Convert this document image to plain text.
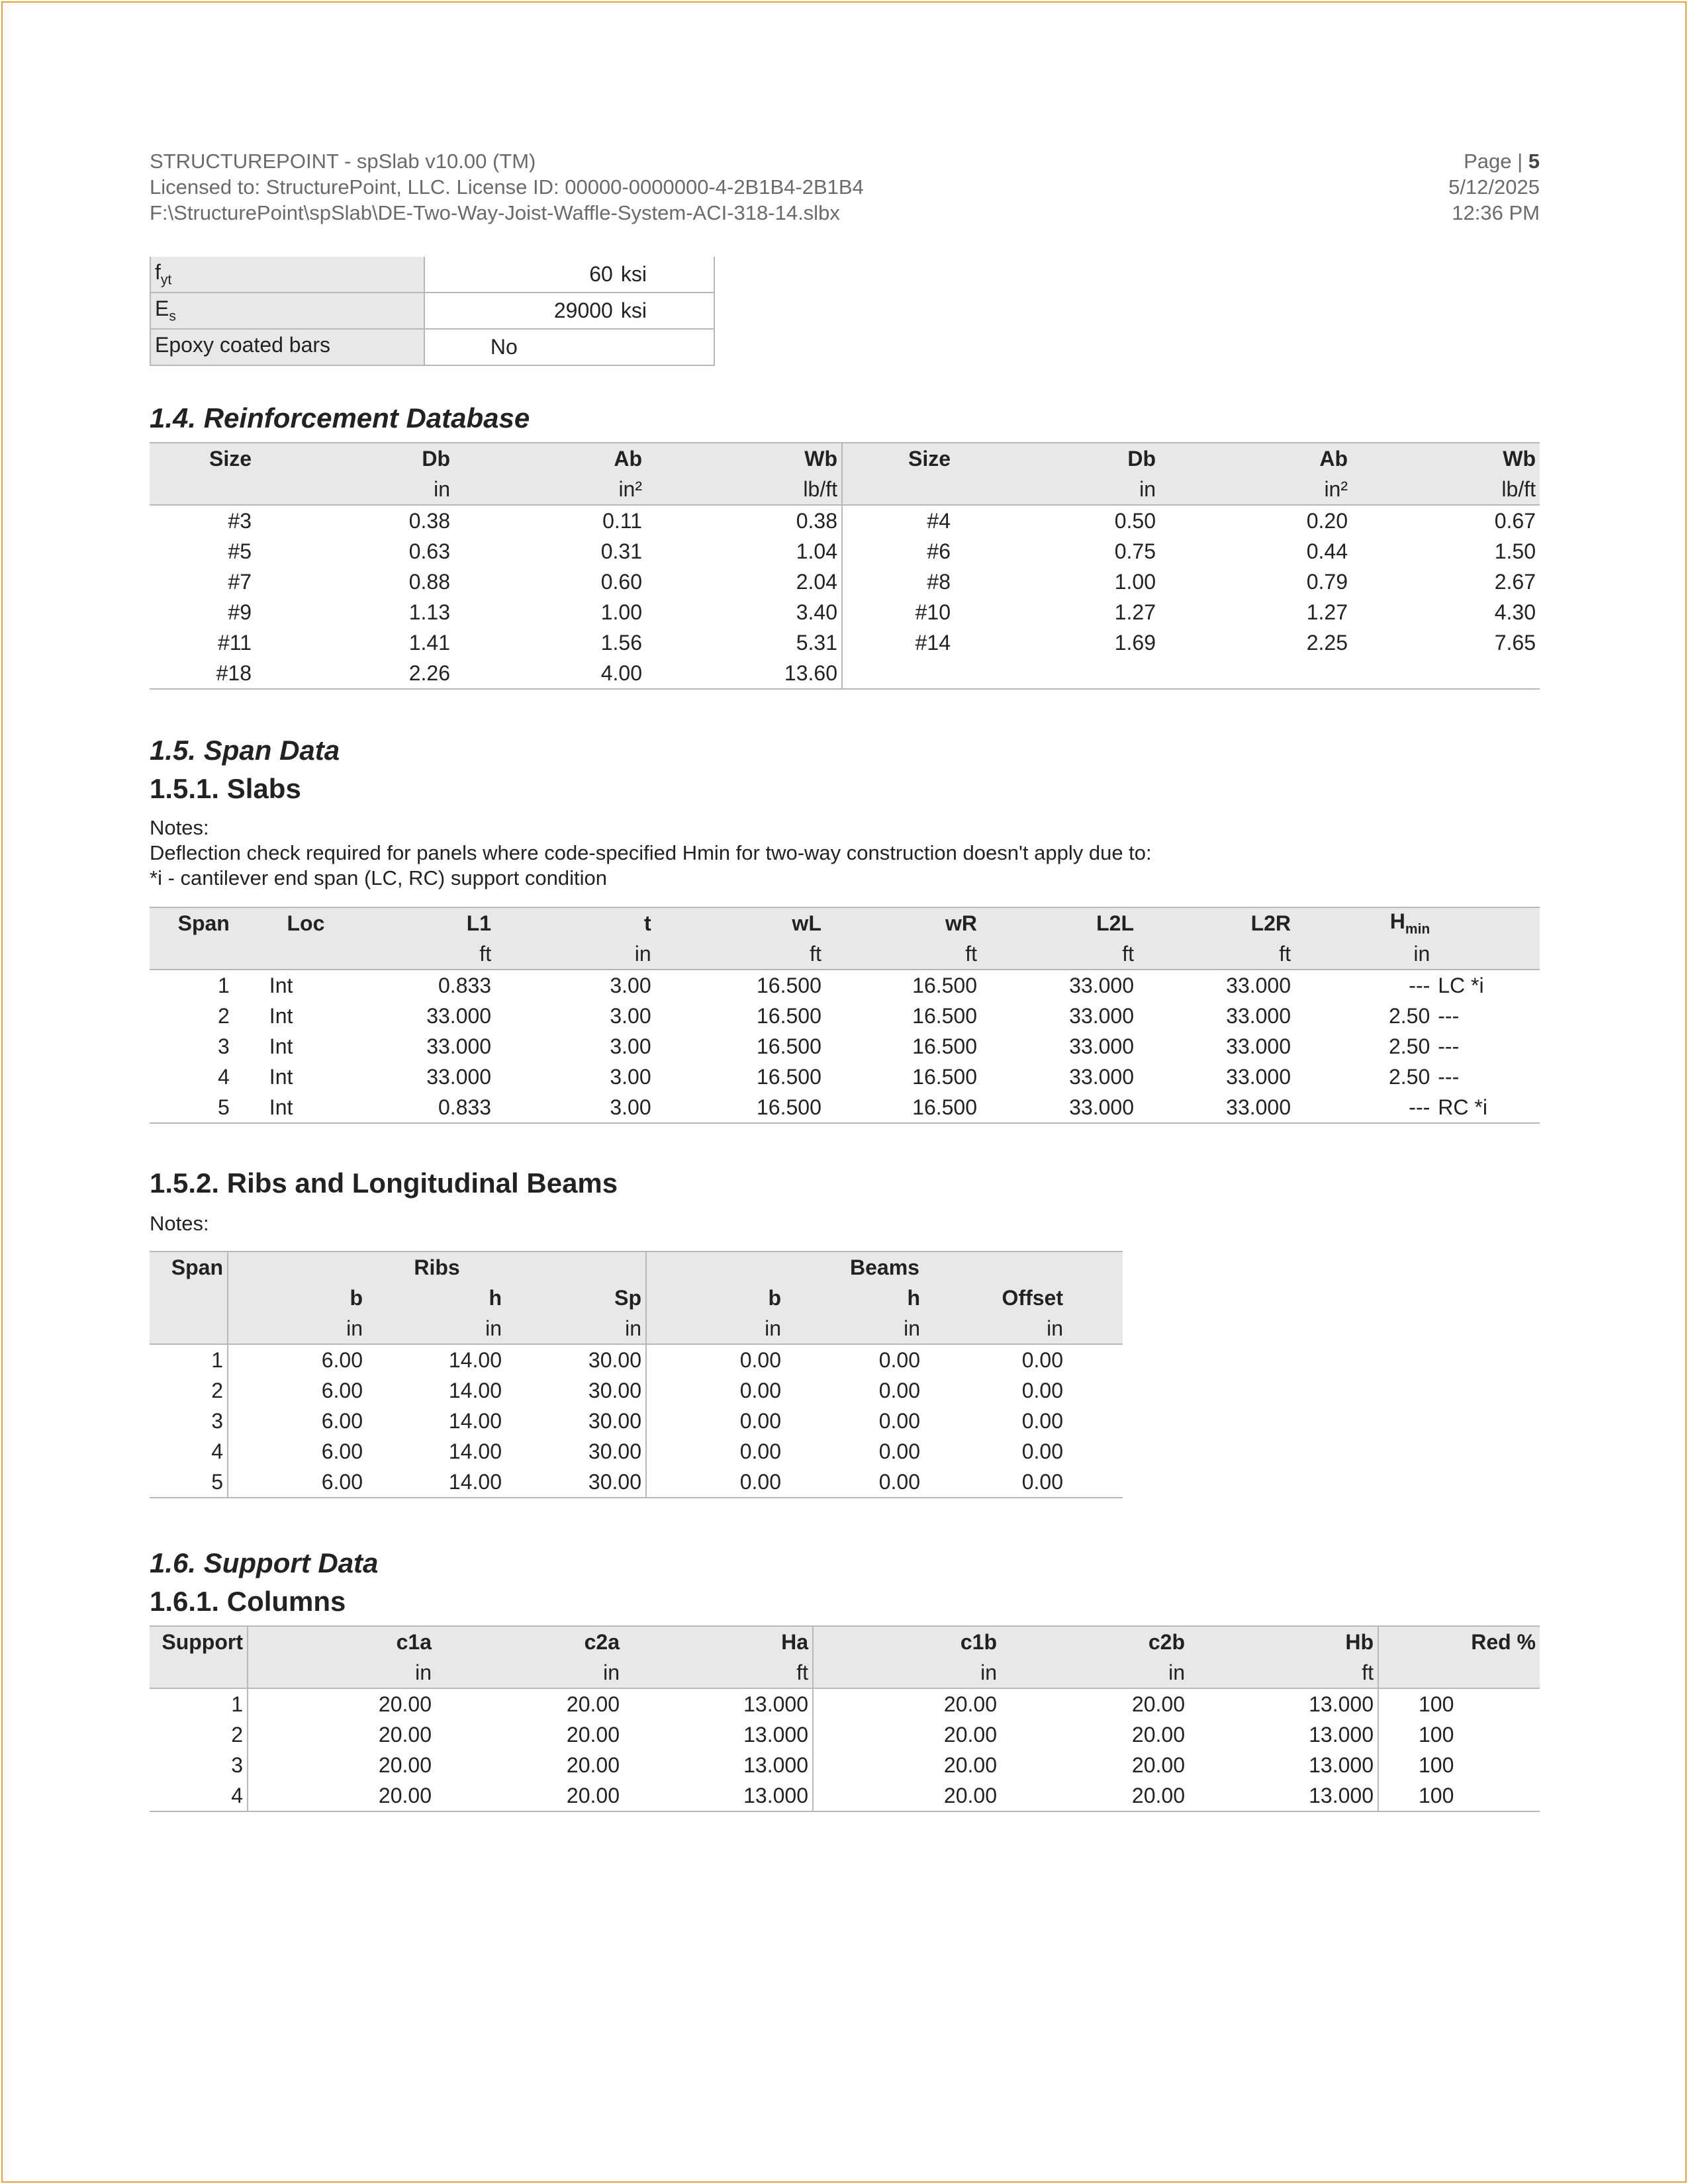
STRUCTUREPOINT - spSlab v10.00 (TM)
Licensed to: StructurePoint, LLC. License ID: 00000-0000000-4-2B1B4-2B1B4
F:\StructurePoint\spSlab\DE-Two-Way-Joist-Waffle-System-ACI-318-14.slbx
Page | 5
5/12/2025
12:36 PM
$f_{yt}$	60	ksi
$E_s$	29000	ksi
Epoxy coated bars	No	
1.4. Reinforcement Database
Size	Db	Ab	Wb	Size	Db	Ab	Wb
	in	in²	lb/ft		in	in²	lb/ft
#3	0.38	0.11	0.38	#4	0.50	0.20	0.67
#5	0.63	0.31	1.04	#6	0.75	0.44	1.50
#7	0.88	0.60	2.04	#8	1.00	0.79	2.67
#9	1.13	1.00	3.40	#10	1.27	1.27	4.30
#11	1.41	1.56	5.31	#14	1.69	2.25	7.65
#18	2.26	4.00	13.60				
1.5. Span Data
1.5.1. Slabs
Notes:
Deflection check required for panels where code-specified Hmin for two-way construction doesn't apply due to:
*i - cantilever end span (LC, RC) support condition
Span	Loc	L1	t	wL	wR	L2L	L2R	$H_{min}$	
		ft	in	ft	ft	ft	ft	in	
1	Int	0.833	3.00	16.500	16.500	33.000	33.000	---	LC *i
2	Int	33.000	3.00	16.500	16.500	33.000	33.000	2.50	---
3	Int	33.000	3.00	16.500	16.500	33.000	33.000	2.50	---
4	Int	33.000	3.00	16.500	16.500	33.000	33.000	2.50	---
5	Int	0.833	3.00	16.500	16.500	33.000	33.000	---	RC *i
1.5.2. Ribs and Longitudinal Beams
Notes:
Span	Ribs			Beams		
	b	h	Sp	b	h	Offset
	in	in	in	in	in	in
1	6.00	14.00	30.00	0.00	0.00	0.00
2	6.00	14.00	30.00	0.00	0.00	0.00
3	6.00	14.00	30.00	0.00	0.00	0.00
4	6.00	14.00	30.00	0.00	0.00	0.00
5	6.00	14.00	30.00	0.00	0.00	0.00
1.6. Support Data
1.6.1. Columns
Support	c1a	c2a	Ha	c1b	c2b	Hb	Red %
	in	in	ft	in	in	ft	
1	20.00	20.00	13.000	20.00	20.00	13.000	100
2	20.00	20.00	13.000	20.00	20.00	13.000	100
3	20.00	20.00	13.000	20.00	20.00	13.000	100
4	20.00	20.00	13.000	20.00	20.00	13.000	100
